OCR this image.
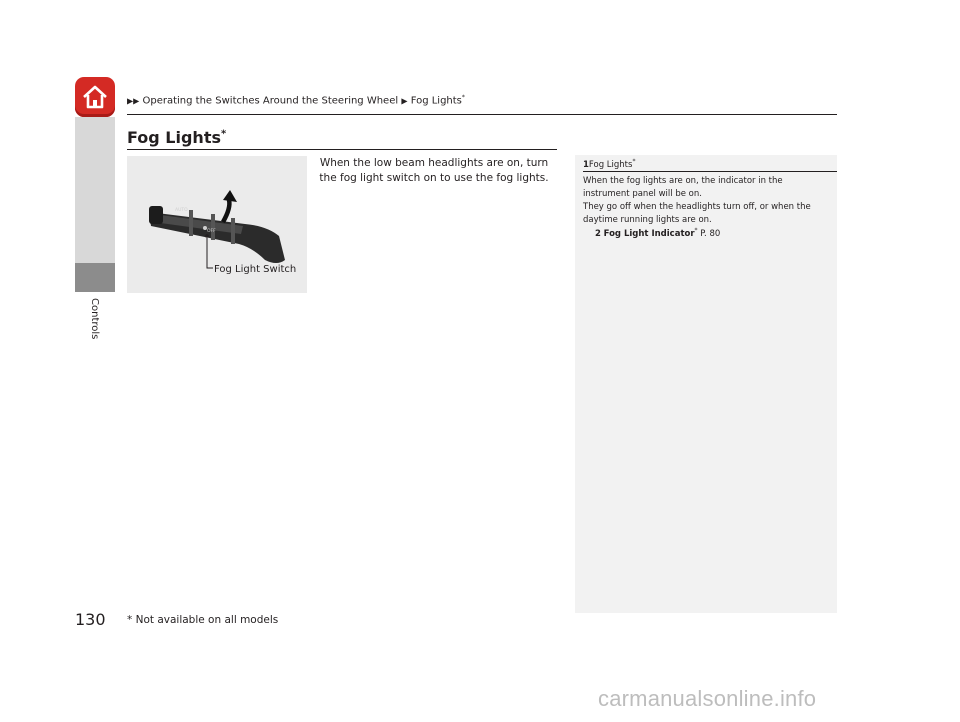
▶▶ Operating the Switches Around the Steering Wheel ▶ Fog Lights*
Controls
130
Fog Lights*
AUTO
OFF
Fog Light Switch
When the low beam headlights are on, turn the fog light switch on to use the fog lights.
1Fog Lights*

When the fog lights are on, the indicator in the instrument panel will be on.

They go off when the headlights turn off, or when the daytime running lights are on.

2 Fog Light Indicator* P. 80
* Not available on all models
carmanualsonline.info
